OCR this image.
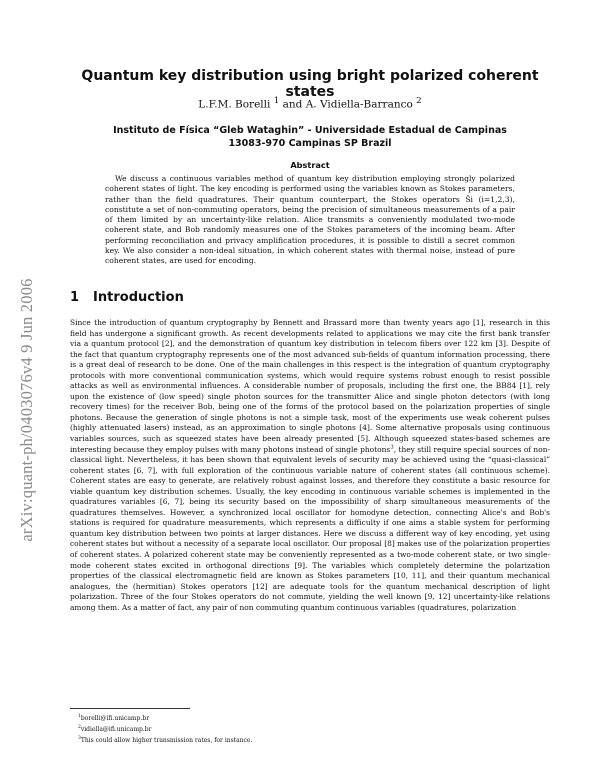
arXiv:quant-ph/0403076v4 9 Jun 2006
Quantum key distribution using bright polarized coherent states
L.F.M. Borelli $^1$ and A. Vidiella-Barranco $^2$
Instituto de Física “Gleb Wataghin” - Universidade Estadual de Campinas
13083-970 Campinas SP Brazil
Abstract

We discuss a continuous variables method of quantum key distribution employing strongly polarized coherent states of light. The key encoding is performed using the variables known as Stokes parameters, rather than the field quadratures. Their quantum counterpart, the Stokes operators Ŝi (i=1,2,3), constitute a set of non-commuting operators, being the precision of simultaneous measurements of a pair of them limited by an uncertainty-like relation. Alice transmits a conveniently modulated two-mode coherent state, and Bob randomly measures one of the Stokes parameters of the incoming beam. After performing reconciliation and privacy amplification procedures, it is possible to distill a secret common key. We also consider a non-ideal situation, in which coherent states with thermal noise, instead of pure coherent states, are used for encoding.

1 Introduction

Since the introduction of quantum cryptography by Bennett and Brassard more than twenty years ago [1], research in this field has undergone a significant growth. As recent developments related to applications we may cite the first bank transfer via a quantum protocol [2], and the demonstration of quantum key distribution in telecom fibers over 122 km [3]. Despite of the fact that quantum cryptography represents one of the most advanced sub-fields of quantum information processing, there is a great deal of research to be done. One of the main challenges in this respect is the integration of quantum cryptography protocols with more conventional communication systems, which would require systems robust enough to resist possible attacks as well as environmental influences. A considerable number of proposals, including the first one, the BB84 [1], rely upon the existence of (low speed) single photon sources for the transmitter Alice and single photon detectors (with long recovery times) for the receiver Bob, being one of the forms of the protocol based on the polarization properties of single photons. Because the generation of single photons is not a simple task, most of the experiments use weak coherent pulses (highly attenuated lasers) instead, as an approximation to single photons [4]. Some alternative proposals using continuous variables sources, such as squeezed states have been already presented [5]. Although squeezed states-based schemes are interesting because they employ pulses with many photons instead of single photons$^3$, they still require special sources of non-classical light. Nevertheless, it has been shown that equivalent levels of security may be achieved using the “quasi-classical” coherent states [6, 7], with full exploration of the continuous variable nature of coherent states (all continuous scheme). Coherent states are easy to generate, are relatively robust against losses, and therefore they constitute a basic resource for viable quantum key distribution schemes. Usually, the key encoding in continuous variable schemes is implemented in the quadratures variables [6, 7], being its security based on the impossibility of sharp simultaneous measurements of the quadratures themselves. However, a synchronized local oscillator for homodyne detection, connecting Alice's and Bob's stations is required for quadrature measurements, which represents a difficulty if one aims a stable system for performing quantum key distribution between two points at larger distances. Here we discuss a different way of key encoding, yet using coherent states but without a necessity of a separate local oscillator. Our proposal [8] makes use of the polarization properties of coherent states. A polarized coherent state may be conveniently represented as a two-mode coherent state, or two single-mode coherent states excited in orthogonal directions [9]. The variables which completely determine the polarization properties of the classical electromagnetic field are known as Stokes parameters [10, 11], and their quantum mechanical analogues, the (hermitian) Stokes operators [12] are adequate tools for the quantum mechanical description of light polarization. Three of the four Stokes operators do not commute, yielding the well known [9, 12] uncertainty-like relations among them. As a matter of fact, any pair of non commuting quantum continuous variables (quadratures, polarization

$^1$borelli@ifi.unicamp.br
$^2$vidiella@ifi.unicamp.br
$^3$This could allow higher transmission rates, for instance.
